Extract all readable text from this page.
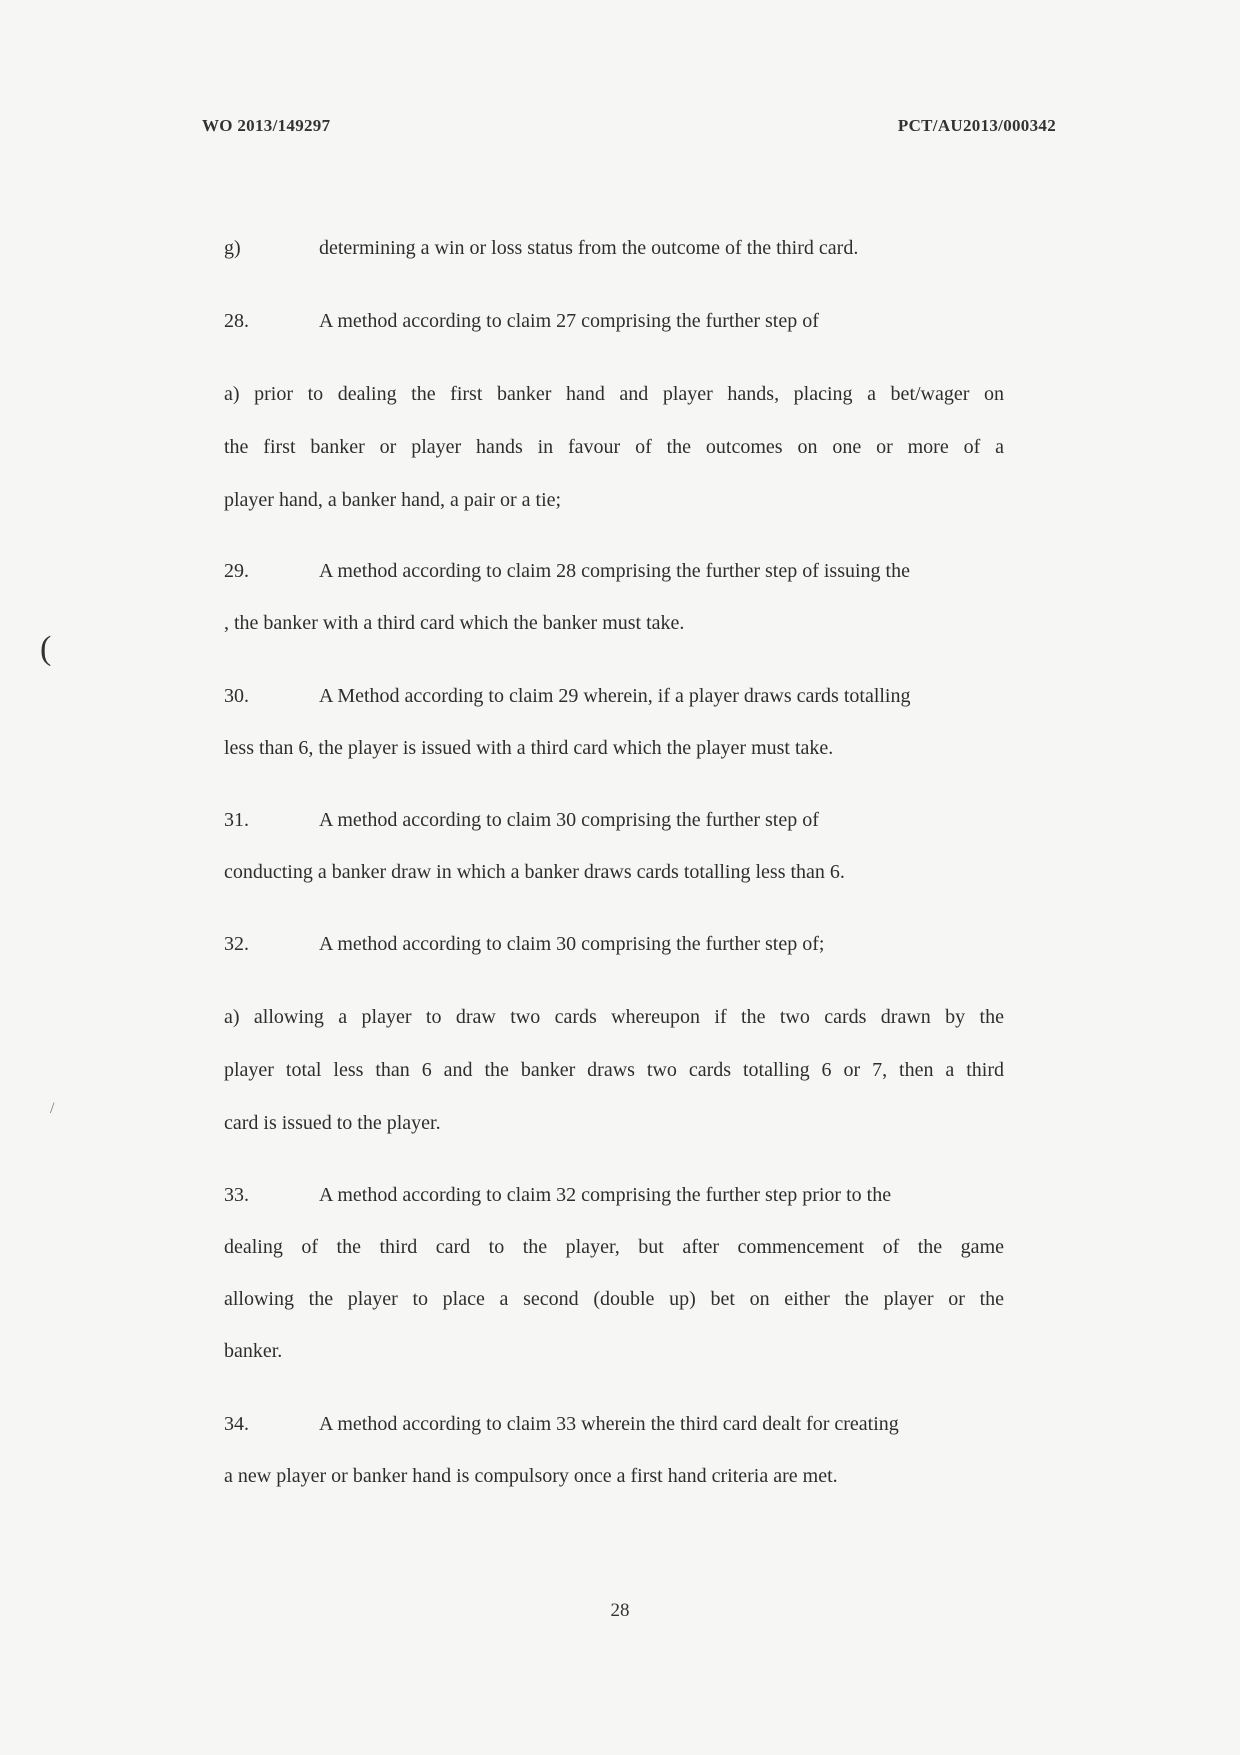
WO 2013/149297	PCT/AU2013/000342
(
/
g)	determining a win or loss status from the outcome of the third card.
28.	A method according to claim 27 comprising the further step of
a) prior to dealing the first banker hand and player hands, placing a bet/wager on
the first banker or player hands in favour of the outcomes on one or more of a
player hand, a banker hand, a pair or a tie;
29.	A method according to claim 28 comprising the further step of issuing the
, the banker with a third card which the banker must take.
30.	A Method according to claim 29 wherein, if a player draws cards totalling
less than 6, the player is issued with a third card which the player must take.
31.	A method according to claim 30 comprising the further step of
conducting a banker draw in which a banker draws cards totalling less than 6.
32.	A method according to claim 30 comprising the further step of;
a) allowing a player to draw two cards whereupon if the two cards drawn by the
player total less than 6 and the banker draws two cards totalling 6 or 7, then a third
card is issued to the player.
33.	A method according to claim 32 comprising the further step prior to the
dealing of the third card to the player, but after commencement of the game
allowing the player to place a second (double up) bet on either the player or the
banker.
34.	A method according to claim 33 wherein the third card dealt for creating
a new player or banker hand is compulsory once a first hand criteria are met.
28
